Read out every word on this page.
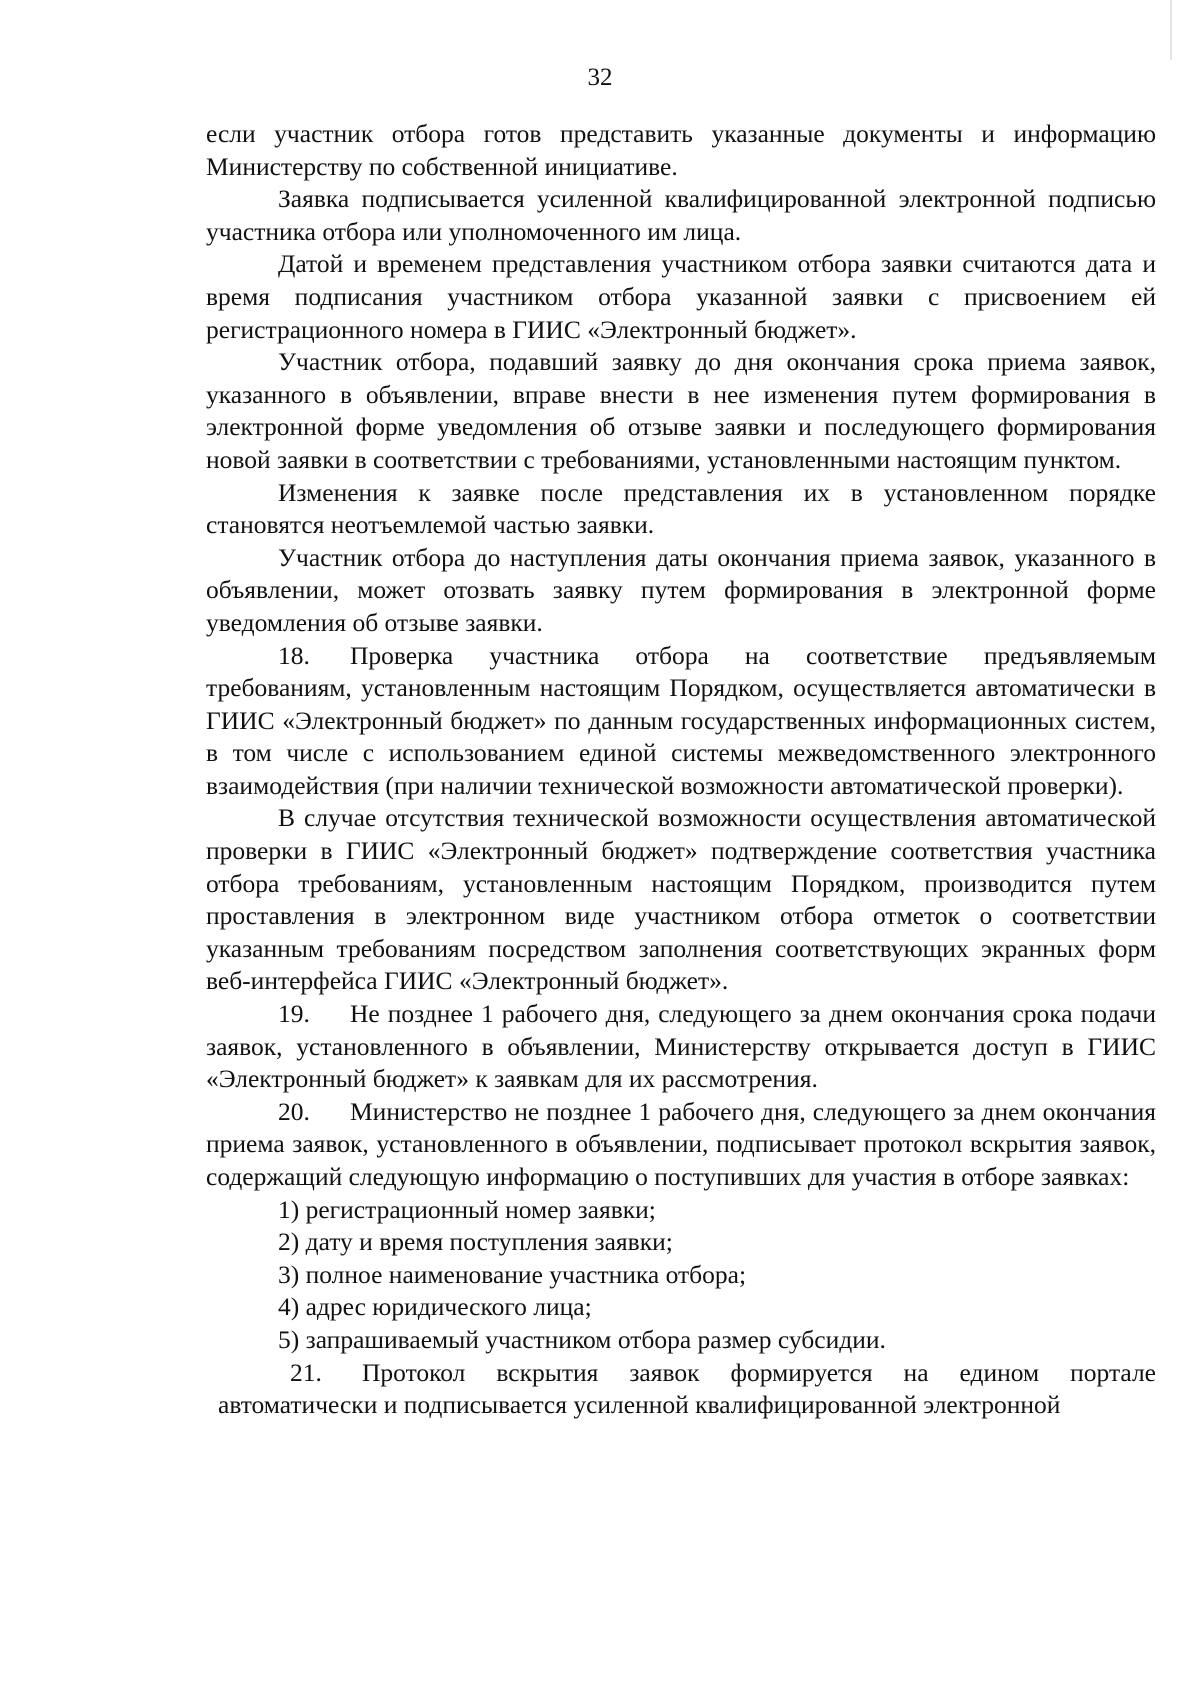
32

если участник отбора готов представить указанные документы и информацию Министерству по собственной инициативе.

Заявка подписывается усиленной квалифицированной электронной подписью участника отбора или уполномоченного им лица.

Датой и временем представления участником отбора заявки считаются дата и время подписания участником отбора указанной заявки с присвоением ей регистрационного номера в ГИИС «Электронный бюджет».

Участник отбора, подавший заявку до дня окончания срока приема заявок, указанного в объявлении, вправе внести в нее изменения путем формирования в электронной форме уведомления об отзыве заявки и последующего формирования новой заявки в соответствии с требованиями, установленными настоящим пунктом.

Изменения к заявке после представления их в установленном порядке становятся неотъемлемой частью заявки.

Участник отбора до наступления даты окончания приема заявок, указанного в объявлении, может отозвать заявку путем формирования в электронной форме уведомления об отзыве заявки.

18. Проверка участника отбора на соответствие предъявляемым требованиям, установленным настоящим Порядком, осуществляется автоматически в ГИИС «Электронный бюджет» по данным государственных информационных систем, в том числе с использованием единой системы межведомственного электронного взаимодействия (при наличии технической возможности автоматической проверки).

В случае отсутствия технической возможности осуществления автоматической проверки в ГИИС «Электронный бюджет» подтверждение соответствия участника отбора требованиям, установленным настоящим Порядком, производится путем проставления в электронном виде участником отбора отметок о соответствии указанным требованиям посредством заполнения соответствующих экранных форм веб-интерфейса ГИИС «Электронный бюджет».

19. Не позднее 1 рабочего дня, следующего за днем окончания срока подачи заявок, установленного в объявлении, Министерству открывается доступ в ГИИС «Электронный бюджет» к заявкам для их рассмотрения.

20. Министерство не позднее 1 рабочего дня, следующего за днем окончания приема заявок, установленного в объявлении, подписывает протокол вскрытия заявок, содержащий следующую информацию о поступивших для участия в отборе заявках:

1) регистрационный номер заявки;

2) дату и время поступления заявки;

3) полное наименование участника отбора;

4) адрес юридического лица;

5) запрашиваемый участником отбора размер субсидии.

21. Протокол вскрытия заявок формируется на едином портале автоматически и подписывается усиленной квалифицированной электронной
